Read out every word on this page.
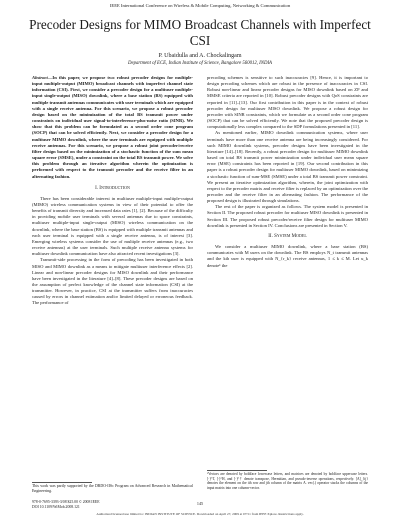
IEEE International Conference on Wireless & Mobile Computing, Networking & Communication
Precoder Designs for MIMO Broadcast Channels with Imperfect CSI
P. Ubaidulla and A. Chockalingam
Department of ECE, Indian Institute of Science, Bangalore 560012, INDIA

Abstract—In this paper, we propose two robust precoder designs for multiple-input multiple-output (MIMO) broadcast channels with imperfect channel state information (CSI). First, we consider a precoder design for a multiuser multiple-input single-output (MISO) downlink, where a base station (BS) equipped with multiple transmit antennas communicates with user terminals which are equipped with a single receive antenna. For this scenario, we propose a robust precoder design based on the minimization of the total BS transmit power under constraints on individual user signal-to-interference-plus-noise ratio (SINR). We show that this problem can be formulated as a second order cone program (SOCP) that can be solved efficiently. Next, we consider a precoder design for a multiuser MIMO downlink, where the user terminals are equipped with multiple receive antennas. For this scenario, we propose a robust joint precoder/receive filter design based on the minimization of a stochastic function of the sum mean square error (SMSE), under a constraint on the total BS transmit power. We solve this problem through an iterative algorithm wherein the optimization is performed with respect to the transmit precoder and the receive filter in an alternating fashion.

I. Introduction

There has been considerable interest in multiuser multiple-input multiple-output (MIMO) wireless communication systems in view of their potential to offer the benefits of transmit diversity and increased data rates [1], [2]. Because of the difficulty in providing mobile user terminals with several antennas due to space constraints, multiuser multiple-input single-output (MISO) wireless communication on the downlink, where the base station (BS) is equipped with multiple transmit antennas and each user terminal is equipped with a single receive antenna, is of interest [3]. Emerging wireless systems consider the use of multiple receive antennas (e.g., two receive antennas) at the user terminals. Such multiple receive antenna systems for multiuser downlink communication have also attracted recent investigations [3].

Transmit-side processing in the form of precoding has been investigated in both MISO and MIMO downlink as a means to mitigate multiuser interference effects [2]. Linear and non-linear precoder designs for MISO downlink and their performance have been investigated in the literature [4]–[8]. These precoder designs are based on the assumption of perfect knowledge of the channel state information (CSI) at the transmitter. However, in practice, CSI at the transmitter suffers from inaccuracies caused by errors in channel estimation and/or limited delayed or erroneous feedback. The performance of

This work was partly supported by the DRDO-IISc Program on Advanced Research in Mathematical Engineering.

precoding schemes is sensitive to such inaccuracies [9]. Hence, it is important to design precoding schemes which are robust in the presence of inaccuracies in CSI. Robust non-linear and linear precoder designs for MISO downlink based on ZF and MMSE criteria are reported in [10]. Robust precoder designs with QoS constraints are reported in [11]–[13]. Our first contribution in this paper is in the context of robust precoder design for multiuser MISO downlink. We propose a robust design for precoder with SINR constraints, which we formulate as a second order cone program (SOCP) that can be solved efficiently. We note that the proposed precoder design is computationally less complex compared to the SDP formulations presented in [11].

As mentioned earlier, MIMO downlink communication systems, where user terminals have more than one receive antenna are being increasingly considered. For such MIMO downlink systems, precoder designs have been investigated in the literature [14]–[18]. Recently, a robust precoder design for multiuser MIMO downlink based on total BS transmit power minimization under individual user mean square error (MSE) constraints has been reported in [19]. Our second contribution in this paper is a robust precoder design for multiuser MIMO downlink, based on minimizing a stochastic function of sum-MSE (SMSE) under a total BS transmit power constraint. We present an iterative optimization algorithm, wherein, the joint optimization with respect to the precoder matrix and receive filter is replaced by an optimization over the precoder and the receive filter in an alternating fashion. The performance of the proposed design is illustrated through simulations.

The rest of the paper is organized as follows. The system model is presented in Section II. The proposed robust precoder for multiuser MISO downlink is presented in Section III. The proposed robust precoder/receive filter design for multiuser MIMO downlink is presented in Section IV. Conclusions are presented in Section V.

II. System Model

We consider a multiuser MIMO downlink, where a base station (BS) communicates with M users on the downlink. The BS employs N_t transmit antennas and the kth user is equipped with N_{r_k} receive antennas, 1 ≤ k ≤ M. Let u_k denote¹ the

¹Vectors are denoted by boldface lowercase letters, and matrices are denoted by boldface uppercase letters. [·]^T, [·]^H, and [·]^† denote transpose, Hermitian, and pseudo-inverse operations, respectively. [A]_{ij} denotes the element on the ith row and jth column of the matrix A. vec(.) operator stacks the columns of the input matrix into one column-vector.
978-0-7695-3393-3/08 $25.00 © 2008 IEEE
DOI 10.1109/WiMob.2008.121
145
Authorized licensed use limited to: INDIAN INSTITUTE OF SCIENCE. Downloaded on April 27, 2009 at 07:51 from IEEE Xplore. Restrictions apply.
